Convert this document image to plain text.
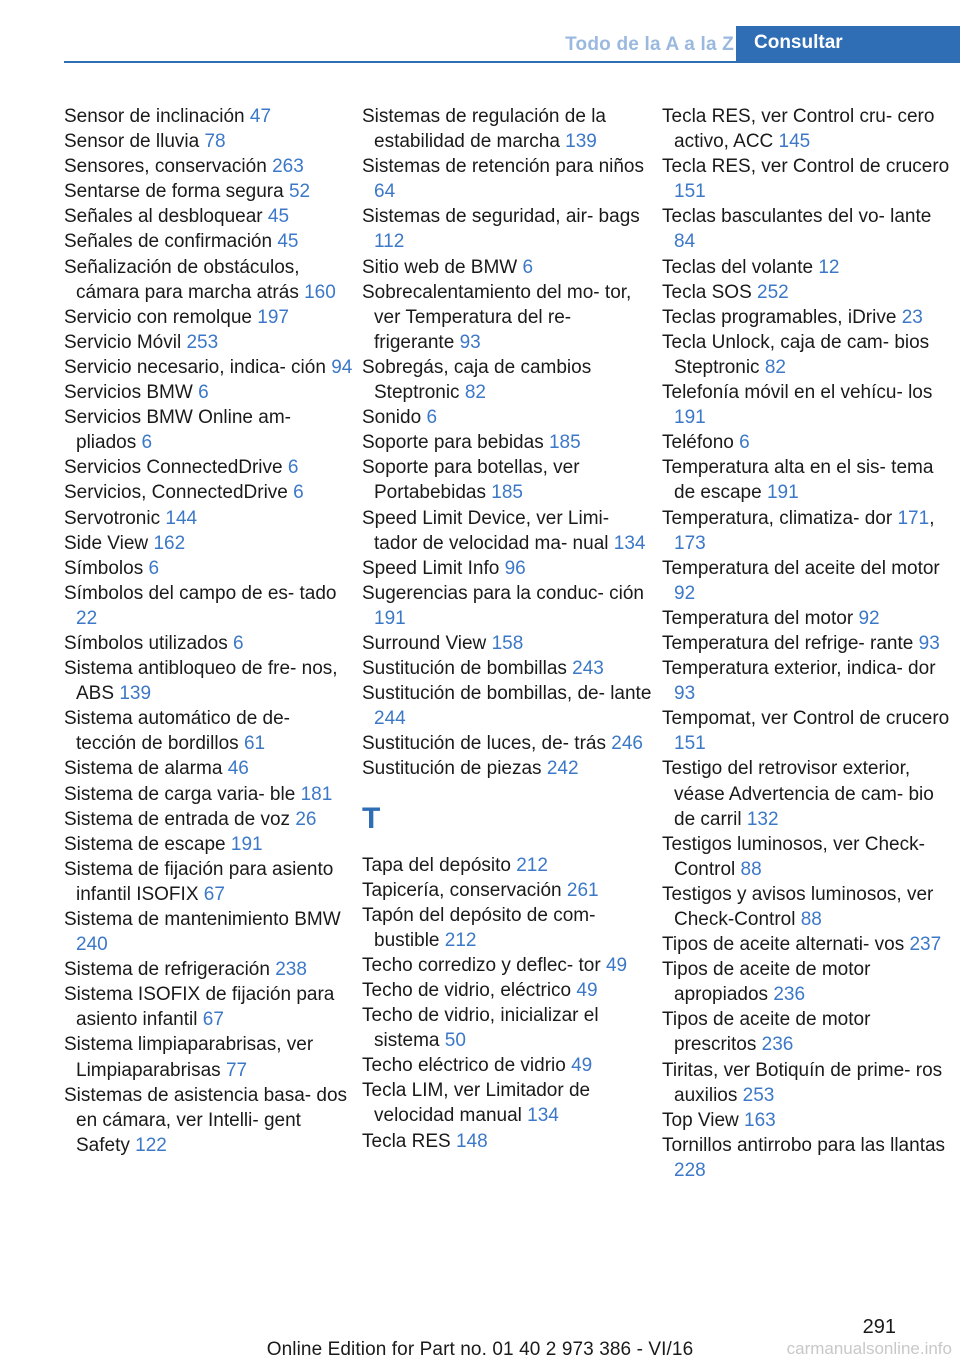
Todo de la A a la Z	Consultar
Sensor de inclinación 47
Sensor de lluvia 78
Sensores, conservación 263
Sentarse de forma segura 52
Señales al desbloquear 45
Señales de confirmación 45
Señalización de obstáculos, cámara para marcha atrás 160
Servicio con remolque 197
Servicio Móvil 253
Servicio necesario, indica‐ ción 94
Servicios BMW 6
Servicios BMW Online am‐ pliados 6
Servicios ConnectedDrive 6
Servicios, ConnectedDrive 6
Servotronic 144
Side View 162
Símbolos 6
Símbolos del campo de es‐ tado 22
Símbolos utilizados 6
Sistema antibloqueo de fre‐ nos, ABS 139
Sistema automático de de‐ tección de bordillos 61
Sistema de alarma 46
Sistema de carga varia‐ ble 181
Sistema de entrada de voz 26
Sistema de escape 191
Sistema de fijación para asiento infantil ISOFIX 67
Sistema de mantenimiento BMW 240
Sistema de refrigeración 238
Sistema ISOFIX de fijación para asiento infantil 67
Sistema limpiaparabrisas, ver Limpiaparabrisas 77
Sistemas de asistencia basa‐ dos en cámara, ver Intelli‐ gent Safety 122
Sistemas de regulación de la estabilidad de marcha 139
Sistemas de retención para niños 64
Sistemas de seguridad, air‐ bags 112
Sitio web de BMW 6
Sobrecalentamiento del mo‐ tor, ver Temperatura del re‐ frigerante 93
Sobregás, caja de cambios Steptronic 82
Sonido 6
Soporte para bebidas 185
Soporte para botellas, ver Portabebidas 185
Speed Limit Device, ver Limi‐ tador de velocidad ma‐ nual 134
Speed Limit Info 96
Sugerencias para la conduc‐ ción 191
Surround View 158
Sustitución de bombillas 243
Sustitución de bombillas, de‐ lante 244
Sustitución de luces, de‐ trás 246
Sustitución de piezas 242
T
Tapa del depósito 212
Tapicería, conservación 261
Tapón del depósito de com‐ bustible 212
Techo corredizo y deflec‐ tor 49
Techo de vidrio, eléctrico 49
Techo de vidrio, inicializar el sistema 50
Techo eléctrico de vidrio 49
Tecla LIM, ver Limitador de velocidad manual 134
Tecla RES 148
Tecla RES, ver Control cru‐ cero activo, ACC 145
Tecla RES, ver Control de crucero 151
Teclas basculantes del vo‐ lante 84
Teclas del volante 12
Tecla SOS 252
Teclas programables, iDrive 23
Tecla Unlock, caja de cam‐ bios Steptronic 82
Telefonía móvil en el vehícu‐ los 191
Teléfono 6
Temperatura alta en el sis‐ tema de escape 191
Temperatura, climatiza‐ dor 171, 173
Temperatura del aceite del motor 92
Temperatura del motor 92
Temperatura del refrige‐ rante 93
Temperatura exterior, indica‐ dor 93
Tempomat, ver Control de crucero 151
Testigo del retrovisor exterior, véase Advertencia de cam‐ bio de carril 132
Testigos luminosos, ver Check-Control 88
Testigos y avisos luminosos, ver Check-Control 88
Tipos de aceite alternati‐ vos 237
Tipos de aceite de motor apropiados 236
Tipos de aceite de motor prescritos 236
Tiritas, ver Botiquín de prime‐ ros auxilios 253
Top View 163
Tornillos antirrobo para las llantas 228
291
Online Edition for Part no. 01 40 2 973 386 - VI/16	carmanualsonline.info
